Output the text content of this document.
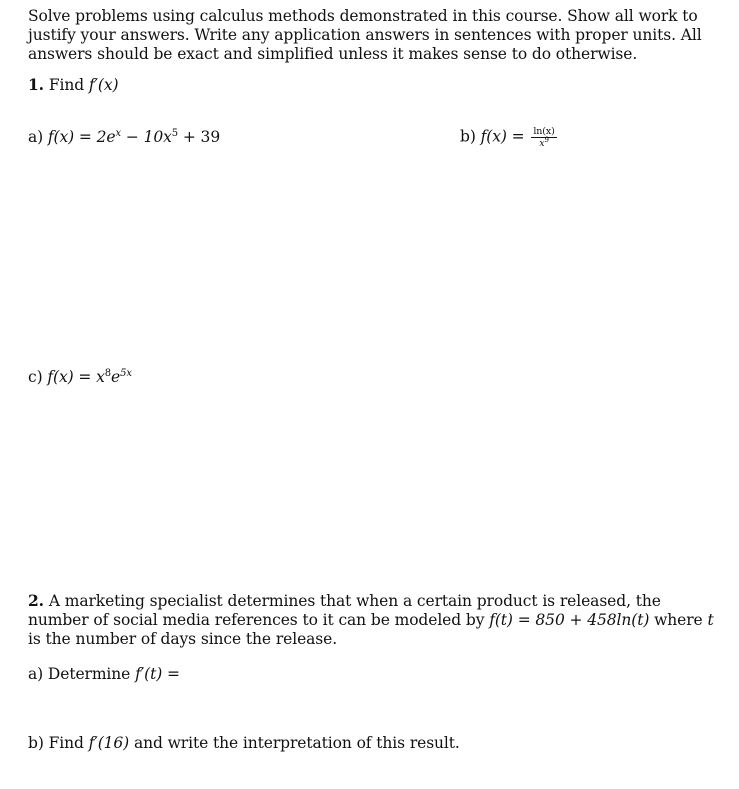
Solve problems using calculus methods demonstrated in this course. Show all work to justify your answers. Write any application answers in sentences with proper units. All answers should be exact and simplified unless it makes sense to do otherwise.
1. Find f′(x)
a) $f(x) = 2e^x - 10x^5 + 39$	b) $f(x) = \frac{\ln(x)}{x^9}$
c) $f(x) = x^8e^{5x}$
2. A marketing specialist determines that when a certain product is released, the number of social media references to it can be modeled by f(t) = 850 + 458ln(t) where t is the number of days since the release.
a) Determine f′(t) =
b) Find f′(16) and write the interpretation of this result.
